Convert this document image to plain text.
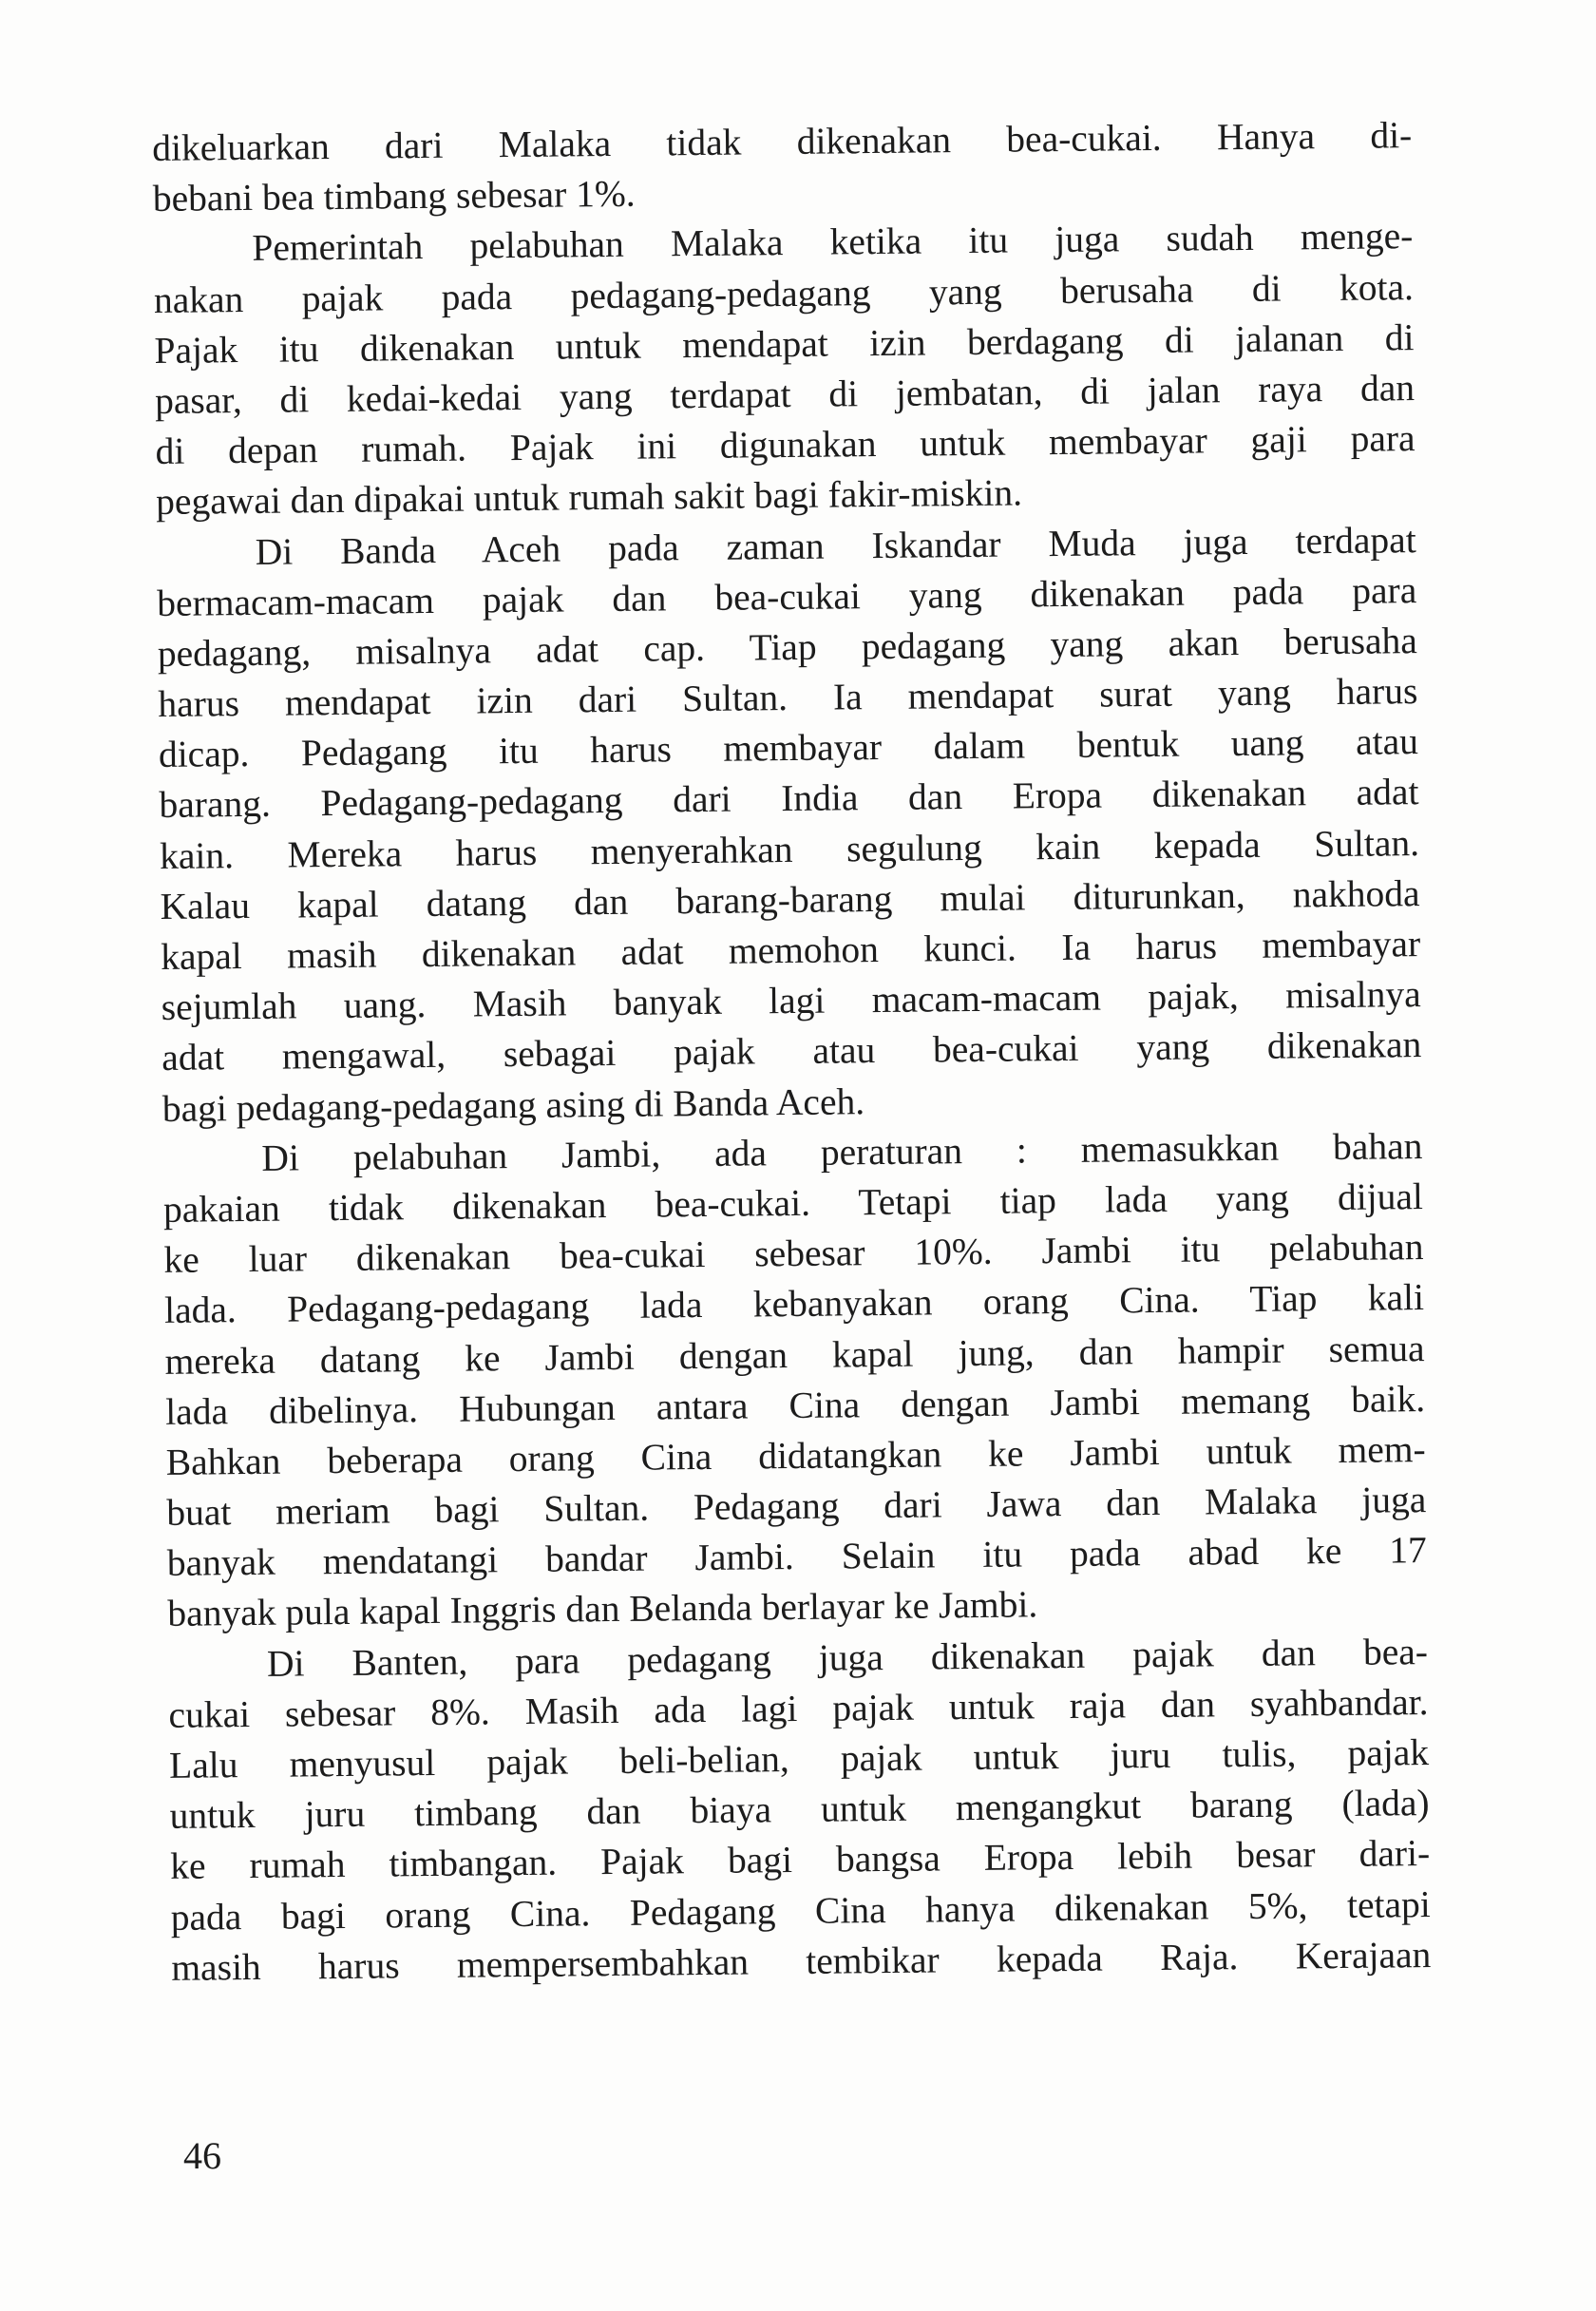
dikeluarkan dari Malaka tidak dikenakan bea-cukai. Hanya di-
bebani bea timbang sebesar 1%.
Pemerintah pelabuhan Malaka ketika itu juga sudah menge-
nakan pajak pada pedagang-pedagang yang berusaha di kota.
Pajak itu dikenakan untuk mendapat izin berdagang di jalanan di
pasar, di kedai-kedai yang terdapat di jembatan, di jalan raya dan
di depan rumah. Pajak ini digunakan untuk membayar gaji para
pegawai dan dipakai untuk rumah sakit bagi fakir-miskin.
Di Banda Aceh pada zaman Iskandar Muda juga terdapat
bermacam-macam pajak dan bea-cukai yang dikenakan pada para
pedagang, misalnya adat cap. Tiap pedagang yang akan berusaha
harus mendapat izin dari Sultan. Ia mendapat surat yang harus
dicap. Pedagang itu harus membayar dalam bentuk uang atau
barang. Pedagang-pedagang dari India dan Eropa dikenakan adat
kain. Mereka harus menyerahkan segulung kain kepada Sultan.
Kalau kapal datang dan barang-barang mulai diturunkan, nakhoda
kapal masih dikenakan adat memohon kunci. Ia harus membayar
sejumlah uang. Masih banyak lagi macam-macam pajak, misalnya
adat mengawal, sebagai pajak atau bea-cukai yang dikenakan
bagi pedagang-pedagang asing di Banda Aceh.
Di pelabuhan Jambi, ada peraturan : memasukkan bahan
pakaian tidak dikenakan bea-cukai. Tetapi tiap lada yang dijual
ke luar dikenakan bea-cukai sebesar 10%. Jambi itu pelabuhan
lada. Pedagang-pedagang lada kebanyakan orang Cina. Tiap kali
mereka datang ke Jambi dengan kapal jung, dan hampir semua
lada dibelinya. Hubungan antara Cina dengan Jambi memang baik.
Bahkan beberapa orang Cina didatangkan ke Jambi untuk mem-
buat meriam bagi Sultan. Pedagang dari Jawa dan Malaka juga
banyak mendatangi bandar Jambi. Selain itu pada abad ke 17
banyak pula kapal Inggris dan Belanda berlayar ke Jambi.
Di Banten, para pedagang juga dikenakan pajak dan bea-
cukai sebesar 8%. Masih ada lagi pajak untuk raja dan syahbandar.
Lalu menyusul pajak beli-belian, pajak untuk juru tulis, pajak
untuk juru timbang dan biaya untuk mengangkut barang (lada)
ke rumah timbangan. Pajak bagi bangsa Eropa lebih besar dari-
pada bagi orang Cina. Pedagang Cina hanya dikenakan 5%, tetapi
masih harus mempersembahkan tembikar kepada Raja. Kerajaan
46
